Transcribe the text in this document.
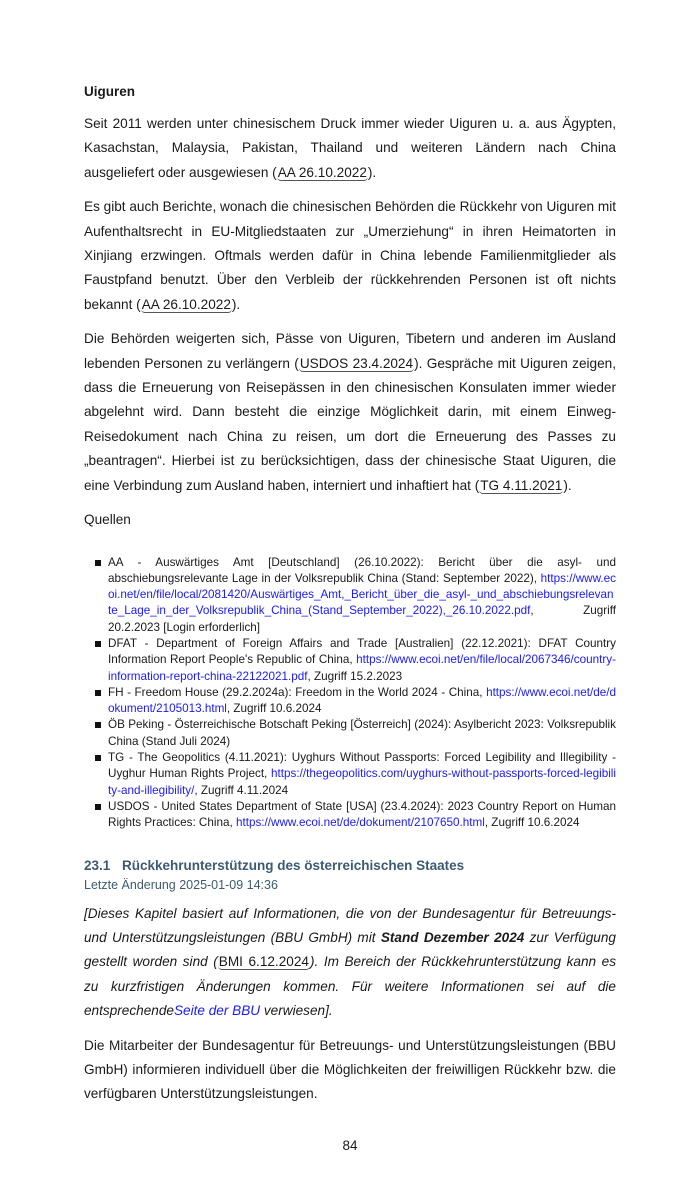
Uiguren

Seit 2011 werden unter chinesischem Druck immer wieder Uiguren u. a. aus Ägypten, Kasachstan, Malaysia, Pakistan, Thailand und weiteren Ländern nach China ausgeliefert oder ausgewiesen (AA 26.10.2022).

Es gibt auch Berichte, wonach die chinesischen Behörden die Rückkehr von Uiguren mit Aufenthaltsrecht in EU-Mitgliedstaaten zur „Umerziehung“ in ihren Heimatorten in Xinjiang erzwingen. Oftmals werden dafür in China lebende Familienmitglieder als Faustpfand benutzt. Über den Verbleib der rückkehrenden Personen ist oft nichts bekannt (AA 26.10.2022).

Die Behörden weigerten sich, Pässe von Uiguren, Tibetern und anderen im Ausland lebenden Personen zu verlängern (USDOS 23.4.2024). Gespräche mit Uiguren zeigen, dass die Erneuerung von Reisepässen in den chinesischen Konsulaten immer wieder abgelehnt wird. Dann besteht die einzige Möglichkeit darin, mit einem Einweg-Reisedokument nach China zu reisen, um dort die Erneuerung des Passes zu „beantragen“. Hierbei ist zu berücksichtigen, dass der chinesische Staat Uiguren, die eine Verbindung zum Ausland haben, interniert und inhaftiert hat (TG 4.11.2021).

Quellen

AA - Auswärtiges Amt [Deutschland] (26.10.2022): Bericht über die asyl- und abschiebungsrelevante Lage in der Volksrepublik China (Stand: September 2022), https://www.ecoi.net/en/file/local/2081420/Auswärtiges_Amt,_Bericht_über_die_asyl-_und_abschiebungsrelevante_Lage_in_der_Volksrepublik_China_(Stand_September_2022),_26.10.2022.pdf, Zugriff 20.2.2023 [Login erforderlich]
DFAT - Department of Foreign Affairs and Trade [Australien] (22.12.2021): DFAT Country Information Report People's Republic of China, https://www.ecoi.net/en/file/local/2067346/country-information-report-china-22122021.pdf, Zugriff 15.2.2023
FH - Freedom House (29.2.2024a): Freedom in the World 2024 - China, https://www.ecoi.net/de/dokument/2105013.html, Zugriff 10.6.2024
ÖB Peking - Österreichische Botschaft Peking [Österreich] (2024): Asylbericht 2023: Volksrepublik China (Stand Juli 2024)
TG - The Geopolitics (4.11.2021): Uyghurs Without Passports: Forced Legibility and Illegibility - Uyghur Human Rights Project, https://thegeopolitics.com/uyghurs-without-passports-forced-legibility-and-illegibility/, Zugriff 4.11.2024
USDOS - United States Department of State [USA] (23.4.2024): 2023 Country Report on Human Rights Practices: China, https://www.ecoi.net/de/dokument/2107650.html, Zugriff 10.6.2024
23.1 Rückkehrunterstützung des österreichischen Staates
Letzte Änderung 2025-01-09 14:36

[Dieses Kapitel basiert auf Informationen, die von der Bundesagentur für Betreuungs- und Unterstützungsleistungen (BBU GmbH) mit Stand Dezember 2024 zur Verfügung gestellt worden sind (BMI 6.12.2024). Im Bereich der Rückkehrunterstützung kann es zu kurzfristigen Änderungen kommen. Für weitere Informationen sei auf die entsprechendeSeite der BBU verwiesen].

Die Mitarbeiter der Bundesagentur für Betreuungs- und Unterstützungsleistungen (BBU GmbH) informieren individuell über die Möglichkeiten der freiwilligen Rückkehr bzw. die verfügbaren Unterstützungsleistungen.

84
